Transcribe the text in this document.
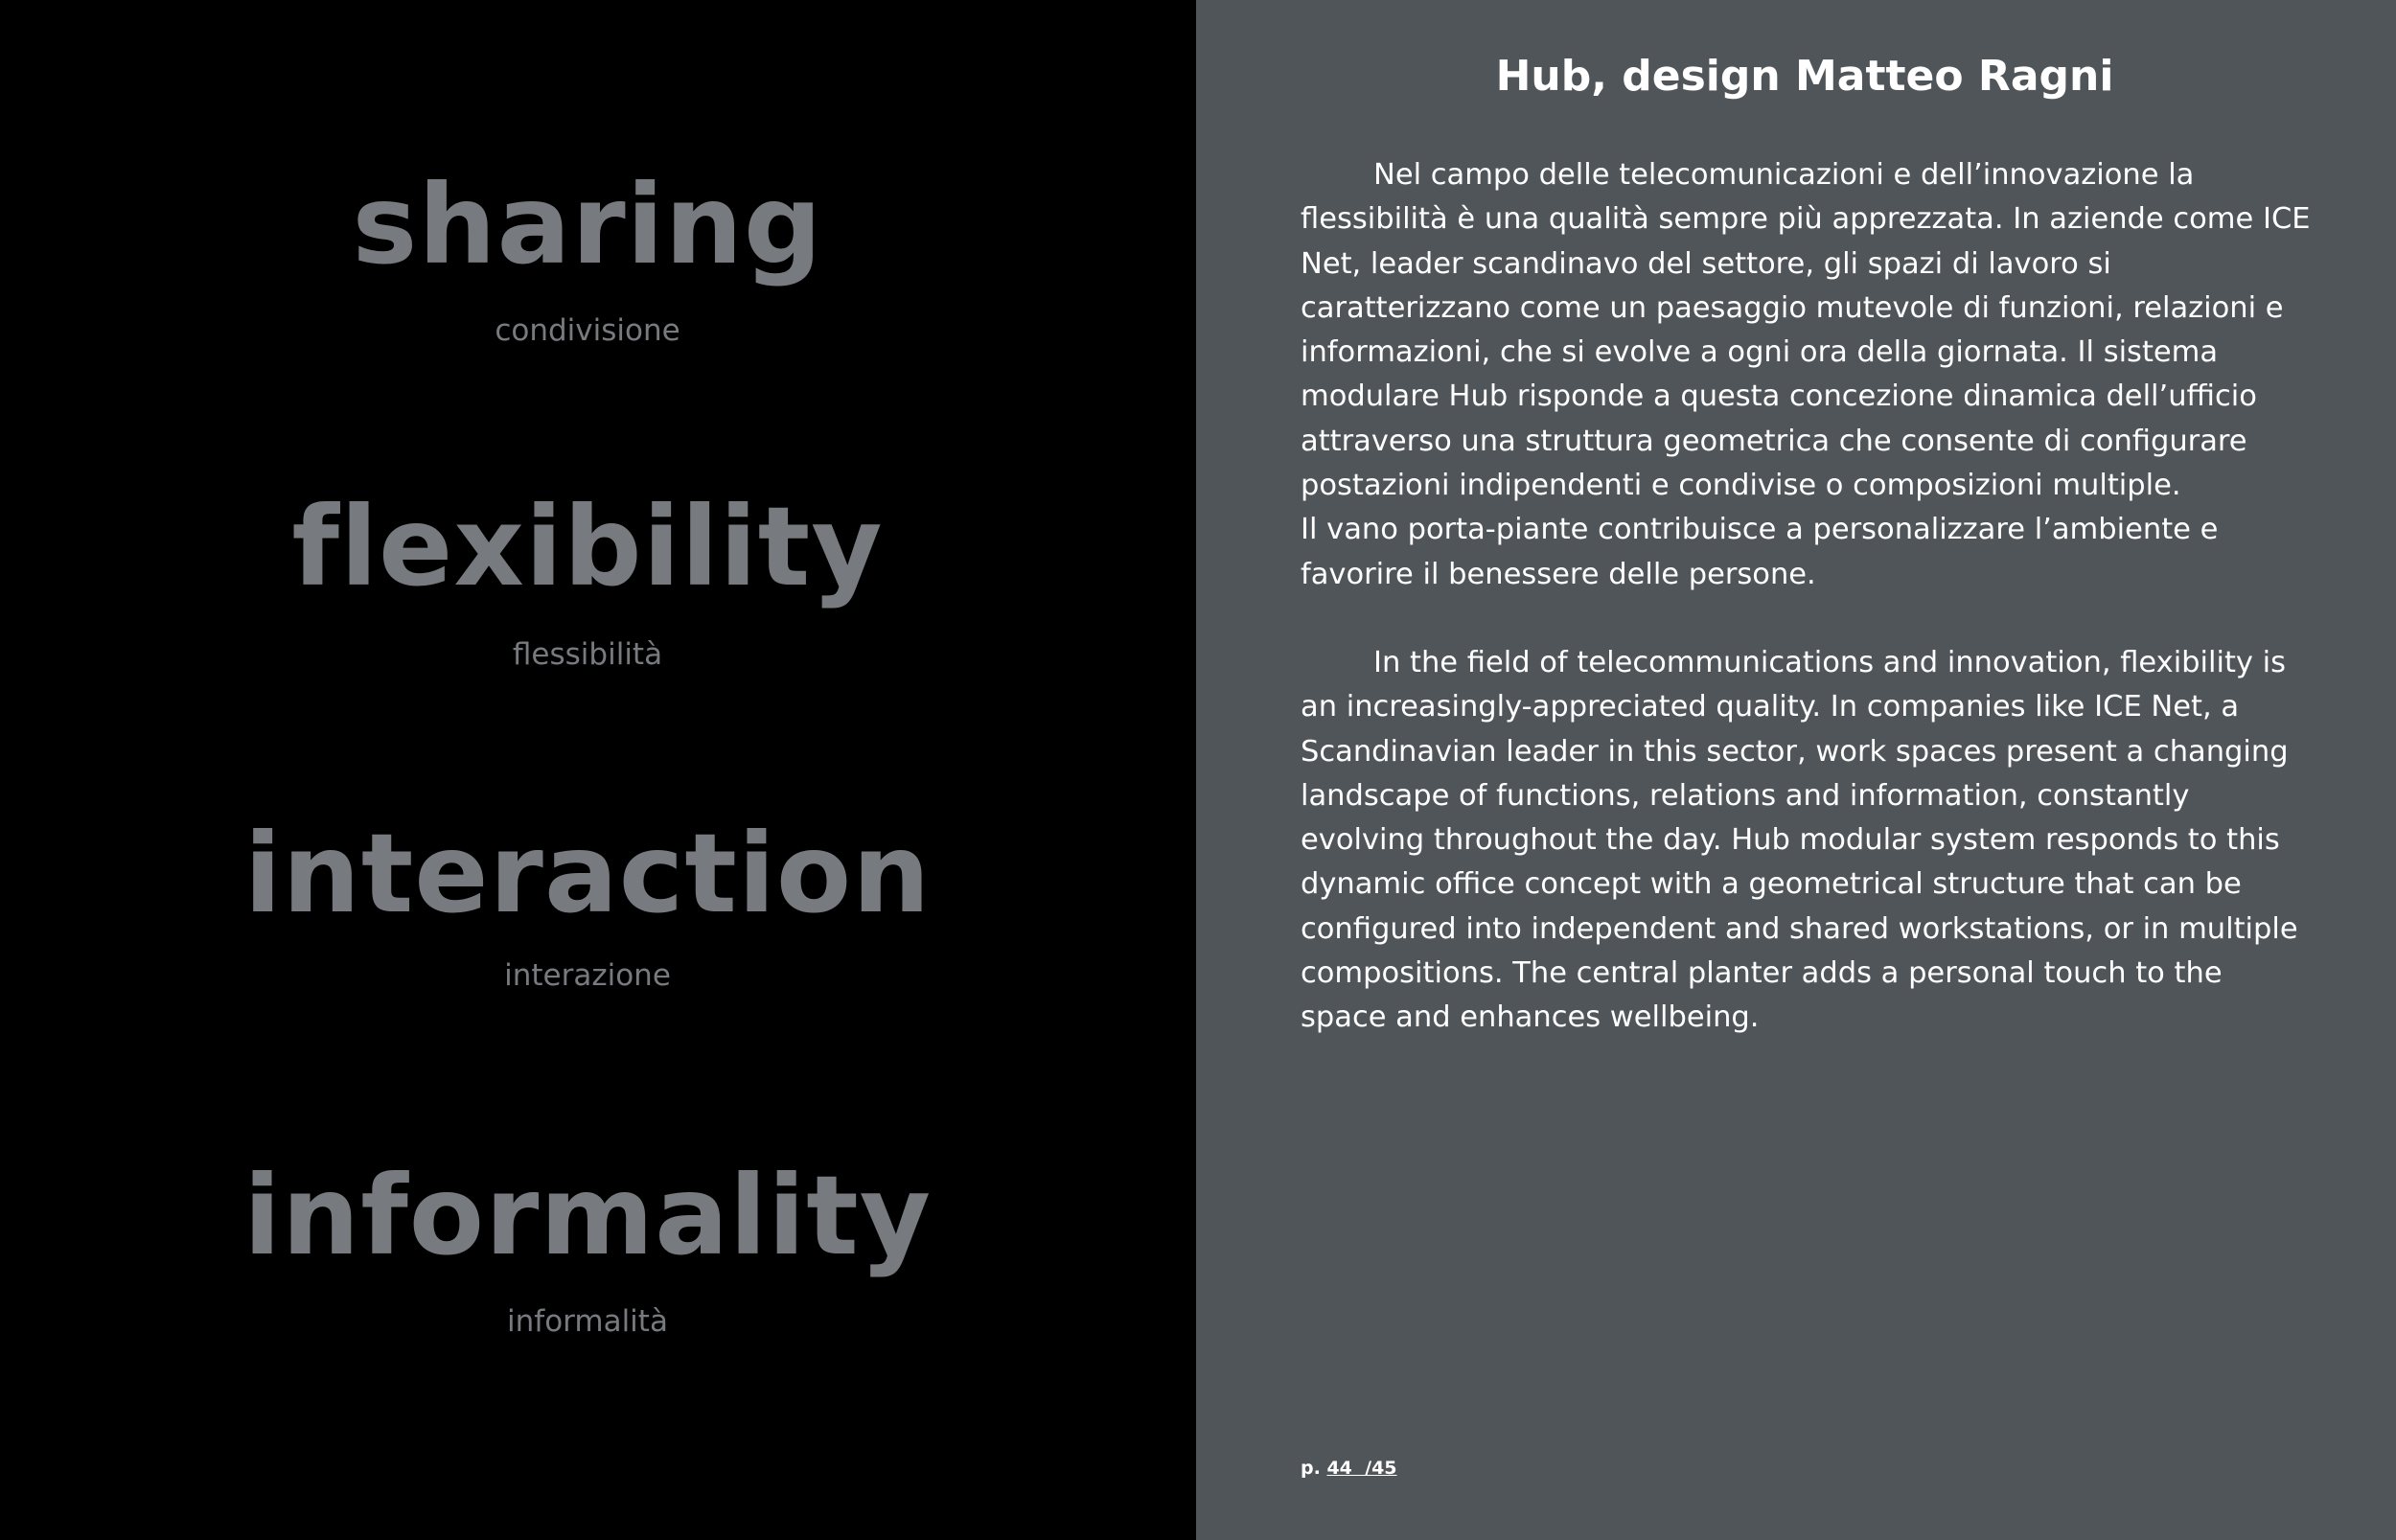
sharing
condivisione
flexibility
flessibilità
interaction
interazione
informality
informalità
Hub, design Matteo Ragni

Nel campo delle telecomunicazioni e dell’innovazione la flessibilità è una qualità sempre più apprezzata. In aziende come ICE Net, leader scandinavo del settore, gli spazi di lavoro si caratterizzano come un paesaggio mutevole di funzioni, relazioni e informazioni, che si evolve a ogni ora della giornata. Il sistema modulare Hub risponde a questa concezione dinamica dell’ufficio attraverso una struttura geometrica che consente di configurare postazioni indipendenti e condivise o composizioni multiple.

Il vano porta-piante contribuisce a personalizzare l’ambiente e favorire il benessere delle persone.

In the field of telecommunications and innovation, flexibility is an increasingly-appreciated quality. In companies like ICE Net, a Scandinavian leader in this sector, work spaces present a changing landscape of functions, relations and information, constantly evolving throughout the day. Hub modular system responds to this dynamic office concept with a geometrical structure that can be configured into independent and shared workstations, or in multiple compositions. The central planter adds a personal touch to the space and enhances wellbeing.

p. 44  /45
